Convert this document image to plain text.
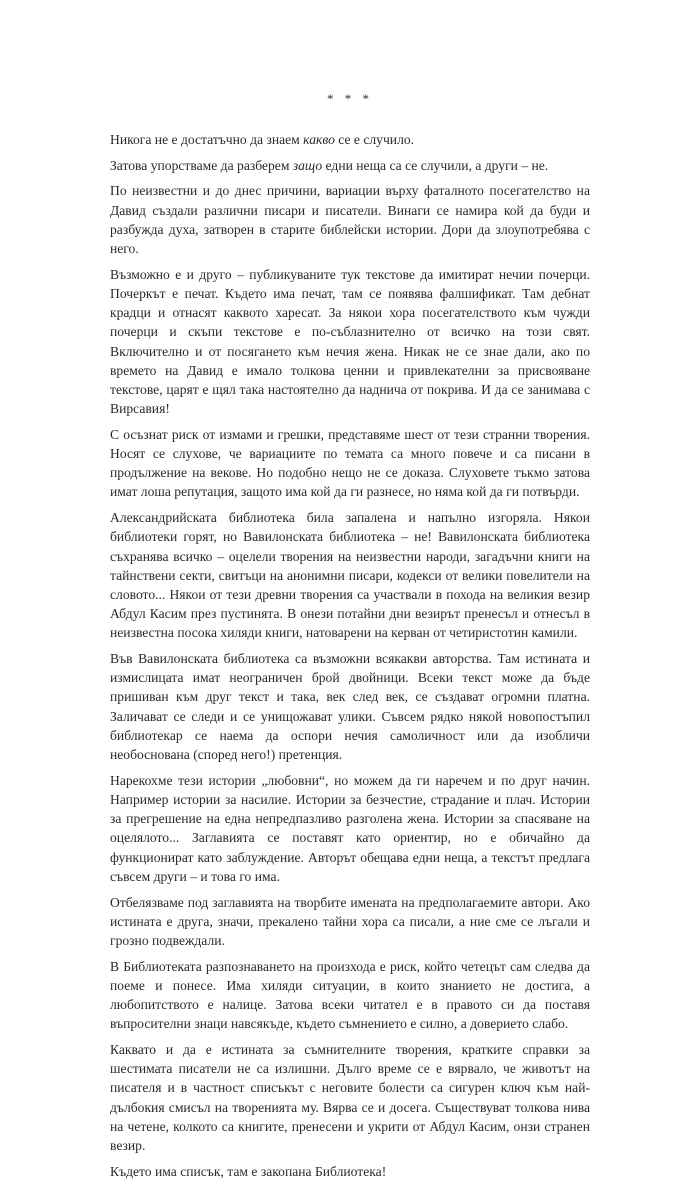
* * *

Никога не е достатъчно да знаем какво се е случило.

Затова упорстваме да разберем защо едни неща са се случили, а други – не.

По неизвестни и до днес причини, вариации върху фаталното посегателство на Давид създали различни писари и писатели. Винаги се намира кой да буди и разбужда духа, затворен в старите библейски истории. Дори да злоупотребява с него.

Възможно е и друго – публикуваните тук текстове да имитират нечии почерци. Почеркът е печат. Където има печат, там се появява фалшификат. Там дебнат крадци и отнасят каквото харесат. За някои хора посегателството към чужди почерци и скъпи текстове е по-съблазнително от всичко на този свят. Включително и от посягането към нечия жена. Никак не се знае дали, ако по времето на Давид е имало толкова ценни и привлекателни за присвояване текстове, царят е щял така настоятелно да надничa от покрива. И да се занимава с Вирсавия!

С осъзнат риск от измами и грешки, представяме шест от тези странни творения. Носят се слухове, че вариациите по темата са много повече и са писани в продължение на векове. Но подобно нещо не се доказа. Слуховете тъкмо затова имат лоша репутация, защото има кой да ги разнесе, но няма кой да ги потвърди.

Александрийската библиотека била запалена и напълно изгоряла. Някои библиотеки горят, но Вавилонската библиотека – не! Вавилонската библиотека съхранява всичко – оцелели творения на неизвестни народи, загадъчни книги на тайнствени секти, свитъци на анонимни писари, кодекси от велики повелители на словото... Някои от тези древни творения са участвали в похода на великия везир Абдул Касим през пустинята. В онези потайни дни везирът пренесъл и отнесъл в неизвестна посока хиляди книги, натоварени на керван от четиристотин камили.

Във Вавилонската библиотека са възможни всякакви авторства. Там истината и измислицата имат неограничен брой двойници. Всеки текст може да бъде пришиван към друг текст и така, век след век, се създават огромни платна. Заличават се следи и се унищожават улики. Съвсем рядко някой новопостъпил библиотекар се наема да оспори нечия самоличност или да изобличи необоснована (според него!) претенция.

Нарекохме тези истории „любовни“, но можем да ги наречем и по друг начин. Например истории за насилие. Истории за безчестие, страдание и плач. Истории за прегрешение на една непредпазливо разголена жена. Истории за спасяване на оцелялото... Заглавията се поставят като ориентир, но е обичайно да функционират като заблуждение. Авторът обещава едни неща, а текстът предлага съвсем други – и това го има.

Отбелязваме под заглавията на творбите имената на предполагаемите автори. Ако истината е друга, значи, прекалено тайни хора са писали, а ние сме се лъгали и грозно подвеждали.

В Библиотеката разпознаването на произхода е риск, който четецът сам следва да поеме и понесе. Има хиляди ситуации, в които знанието не достига, а любопитството е налице. Затова всеки читател е в правото си да поставя въпросителни знаци навсякъде, където съмнението е силно, а доверието слабо.

Каквато и да е истината за съмнителните творения, кратките справки за шестимата писатели не са излишни. Дълго време се е вярвало, че животът на писателя и в частност списъкът с неговите болести са сигурен ключ към най-дълбокия смисъл на творенията му. Вярва се и досега. Съществуват толкова нива на четене, колкото са книгите, пренесени и укрити от Абдул Касим, онзи странен везир.

Където има списък, там е закопана Библиотека!
